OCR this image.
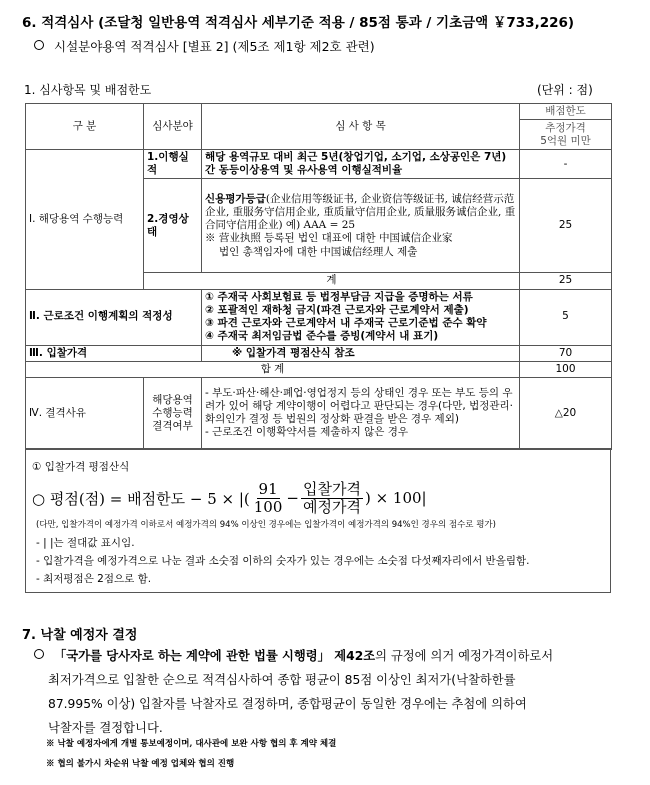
6. 적격심사 (조달청 일반용역 적격심사 세부기준 적용 / 85점 통과 / 기초금액 ￥733,226)
시설분야용역 적격심사 [별표 2] (제5조 제1항 제2호 관련)
1. 심사항목 및 배점한도	(단위 : 점)
구 분	심사분야	심 사 항 목	배점한도

			추정가격
5억원 미만

Ⅰ. 해당용역 수행능력	1.이행실적	해당 용역규모 대비 최근 5년(창업기업, 소기업, 소상공인은 7년)간 동등이상용역 및 유사용역 이행실적비율	-
	2.경영상태	신용평가등급(企业信用等级证书, 企业资信等级证书, 诚信经营示范企业, 重服务守信用企业, 重质量守信用企业, 质量服务诚信企业, 重合同守信用企业) 예) AAA = 25
※ 营业执照 등록된 법인 대표에 대한 中国诚信企业家
법인 총책임자에 대한 中国诚信经理人 제출	25
	계		25
Ⅱ. 근로조건 이행계획의 적정성		① 주재국 사회보험료 등 법정부담금 지급을 증명하는 서류
② 포괄적인 재하청 금지(파견 근로자와 근로계약서 제출)
③ 파견 근로자와 근로계약서 내 주재국 근로기준법 준수 확약
④ 주재국 최저임금법 준수를 증빙(계약서 내 표기)	5
Ⅲ. 입찰가격		※ 입찰가격 평점산식 참조	70
합 계			100
Ⅳ. 결격사유	해당용역 수행능력 결격여부	- 부도·파산·해산·폐업·영업정지 등의 상태인 경우 또는 부도 등의 우려가 있어 해당 계약이행이 어렵다고 판단되는 경우(다만, 법정관리·화의인가 결정 등 법원의 정상화 판결을 받은 경우 제외)
- 근로조건 이행확약서를 제출하지 않은 경우	△20
① 입찰가격 평점산식
○ 평점(점) = 배점한도 − 5 × |( $\frac{91}{100} - \frac{\text{입찰가격}}{\text{예정가격}}$ ) × 100|
(다만, 입찰가격이 예정가격 이하로서 예정가격의 94% 이상인 경우에는 입찰가격이 예정가격의 94%인 경우의 점수로 평가)
- | |는 절대값 표시임.
- 입찰가격을 예정가격으로 나눈 결과 소숫점 이하의 숫자가 있는 경우에는 소숫점 다섯째자리에서 반올림함.
- 최저평점은 2점으로 함.
7. 낙찰 예정자 결정
「국가를 당사자로 하는 계약에 관한 법률 시행령」 제42조의 규정에 의거 예정가격이하로서
최저가격으로 입찰한 순으로 적격심사하여 종합 평균이 85점 이상인 최저가(낙찰하한률
87.995% 이상) 입찰자를 낙찰자로 결정하며, 종합평균이 동일한 경우에는 추첨에 의하여
낙찰자를 결정합니다.
※ 낙찰 예정자에게 개별 통보예정이며, 대사관에 보완 사항 협의 후 계약 체결
※ 협의 불가시 차순위 낙찰 예정 업체와 협의 진행
